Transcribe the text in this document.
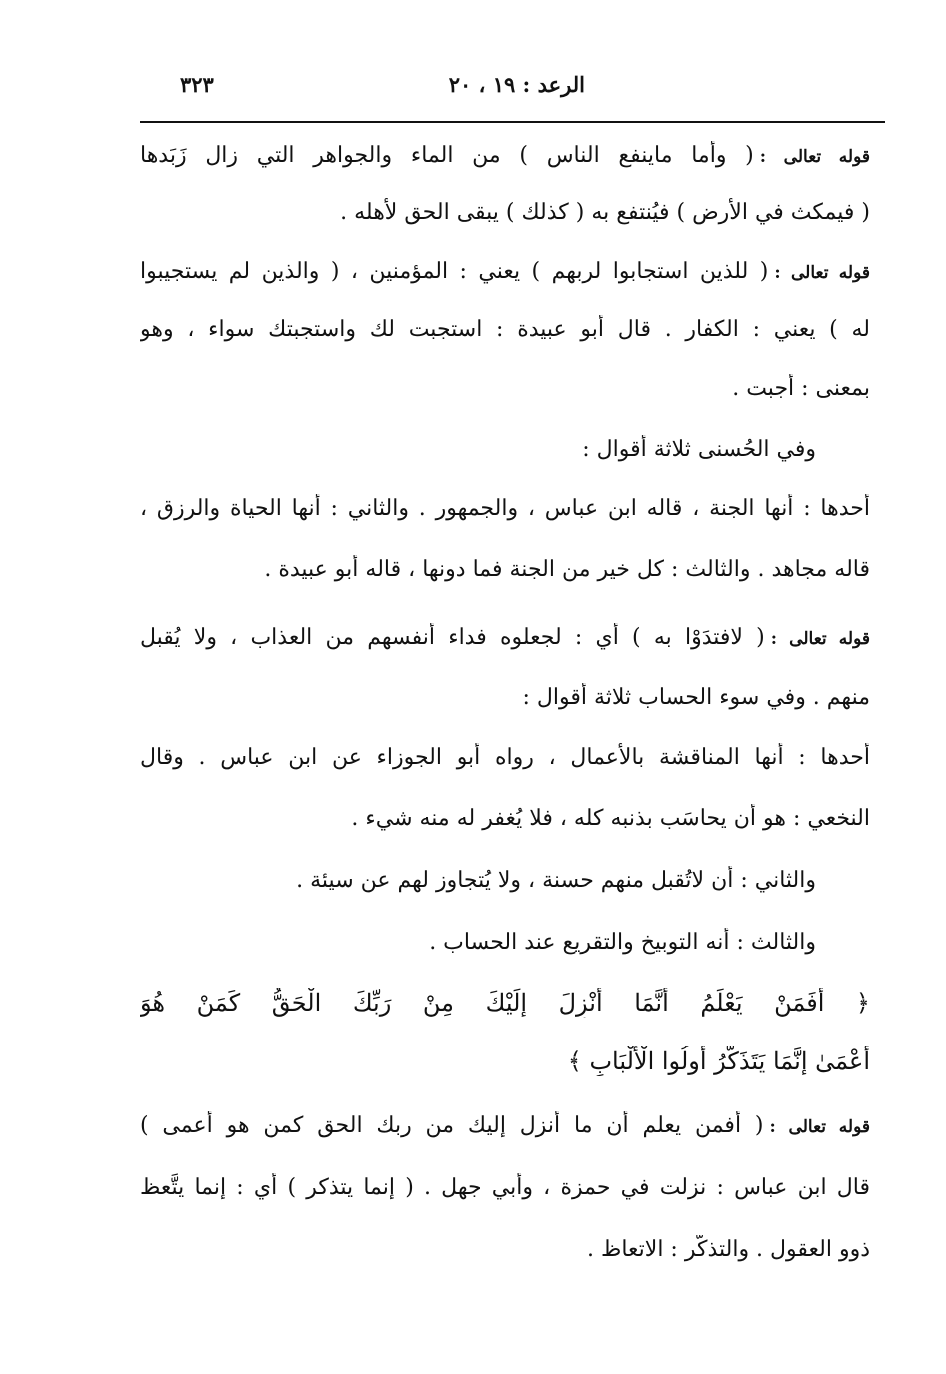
الرعد : ١٩ ، ٢٠
٣٢٣
قوله تعالى :( وأما ماينفع الناس ) من الماء والجواهر التي زال زَبَدها
( فيمكث في الأرض ) فيُنتفع به ( كذلك ) يبقى الحق لأهله .
قوله تعالى :( للذين استجابوا لربهم ) يعني : المؤمنين ، ( والذين لم يستجيبوا
له ) يعني : الكفار . قال أبو عبيدة : استجبت لك واستجبتك سواء ، وهو
بمعنى : أجبت .
وفي الحُسنى ثلاثة أقوال :
أحدها : أنها الجنة ، قاله ابن عباس ، والجمهور . والثاني : أنها الحياة والرزق ،
قاله مجاهد . والثالث : كل خير من الجنة فما دونها ، قاله أبو عبيدة .
قوله تعالى :( لافتدَوْا به ) أي : لجعلوه فداء أنفسهم من العذاب ، ولا يُقبل
منهم . وفي سوء الحساب ثلاثة أقوال :
أحدها : أنها المناقشة بالأعمال ، رواه أبو الجوزاء عن ابن عباس . وقال
النخعي : هو أن يحاسَب بذنبه كله ، فلا يُغفر له منه شيء .
والثاني : أن لاتُقبل منهم حسنة ، ولا يُتجاوز لهم عن سيئة .
والثالث : أنه التوبيخ والتقريع عند الحساب .
﴿ أَفَمَنْ يَعْلَمُ أَنَّمَا أُنْزِلَ إِلَيْكَ مِنْ رَبِّكَ الْحَقُّ كَمَنْ هُوَ
أَعْمَىٰ إِنَّمَا يَتَذَكَّرُ أُولُوا الْأَلْبَابِ ﴾
قوله تعالى :( أفمن يعلم أن ما أُنزل إليك من ربك الحق كمن هو أعمى )
قال ابن عباس : نزلت في حمزة ، وأبي جهل . ( إنما يتذكر ) أي : إنما يتَّعظ
ذوو العقول . والتذكُّر : الاتعاظ .
